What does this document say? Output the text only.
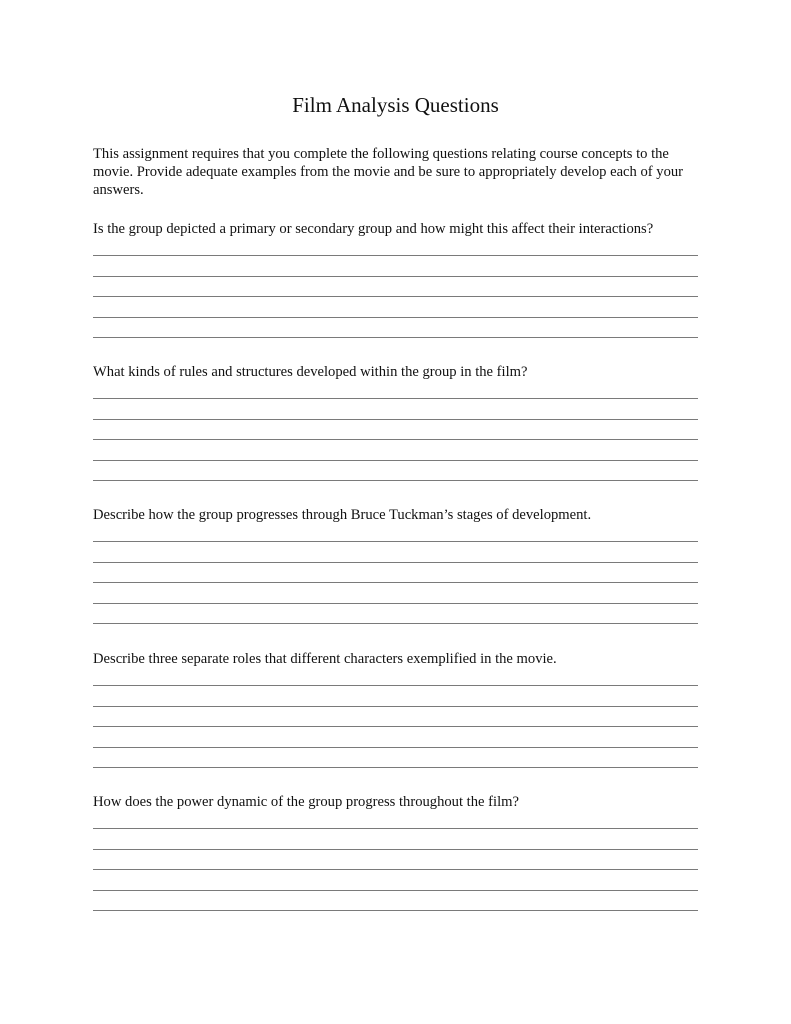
Film Analysis Questions

This assignment requires that you complete the following questions relating course concepts to the movie. Provide adequate examples from the movie and be sure to appropriately develop each of your answers.

Is the group depicted a primary or secondary group and how might this affect their interactions?

What kinds of rules and structures developed within the group in the film?

Describe how the group progresses through Bruce Tuckman’s stages of development.

Describe three separate roles that different characters exemplified in the movie.

How does the power dynamic of the group progress throughout the film?
